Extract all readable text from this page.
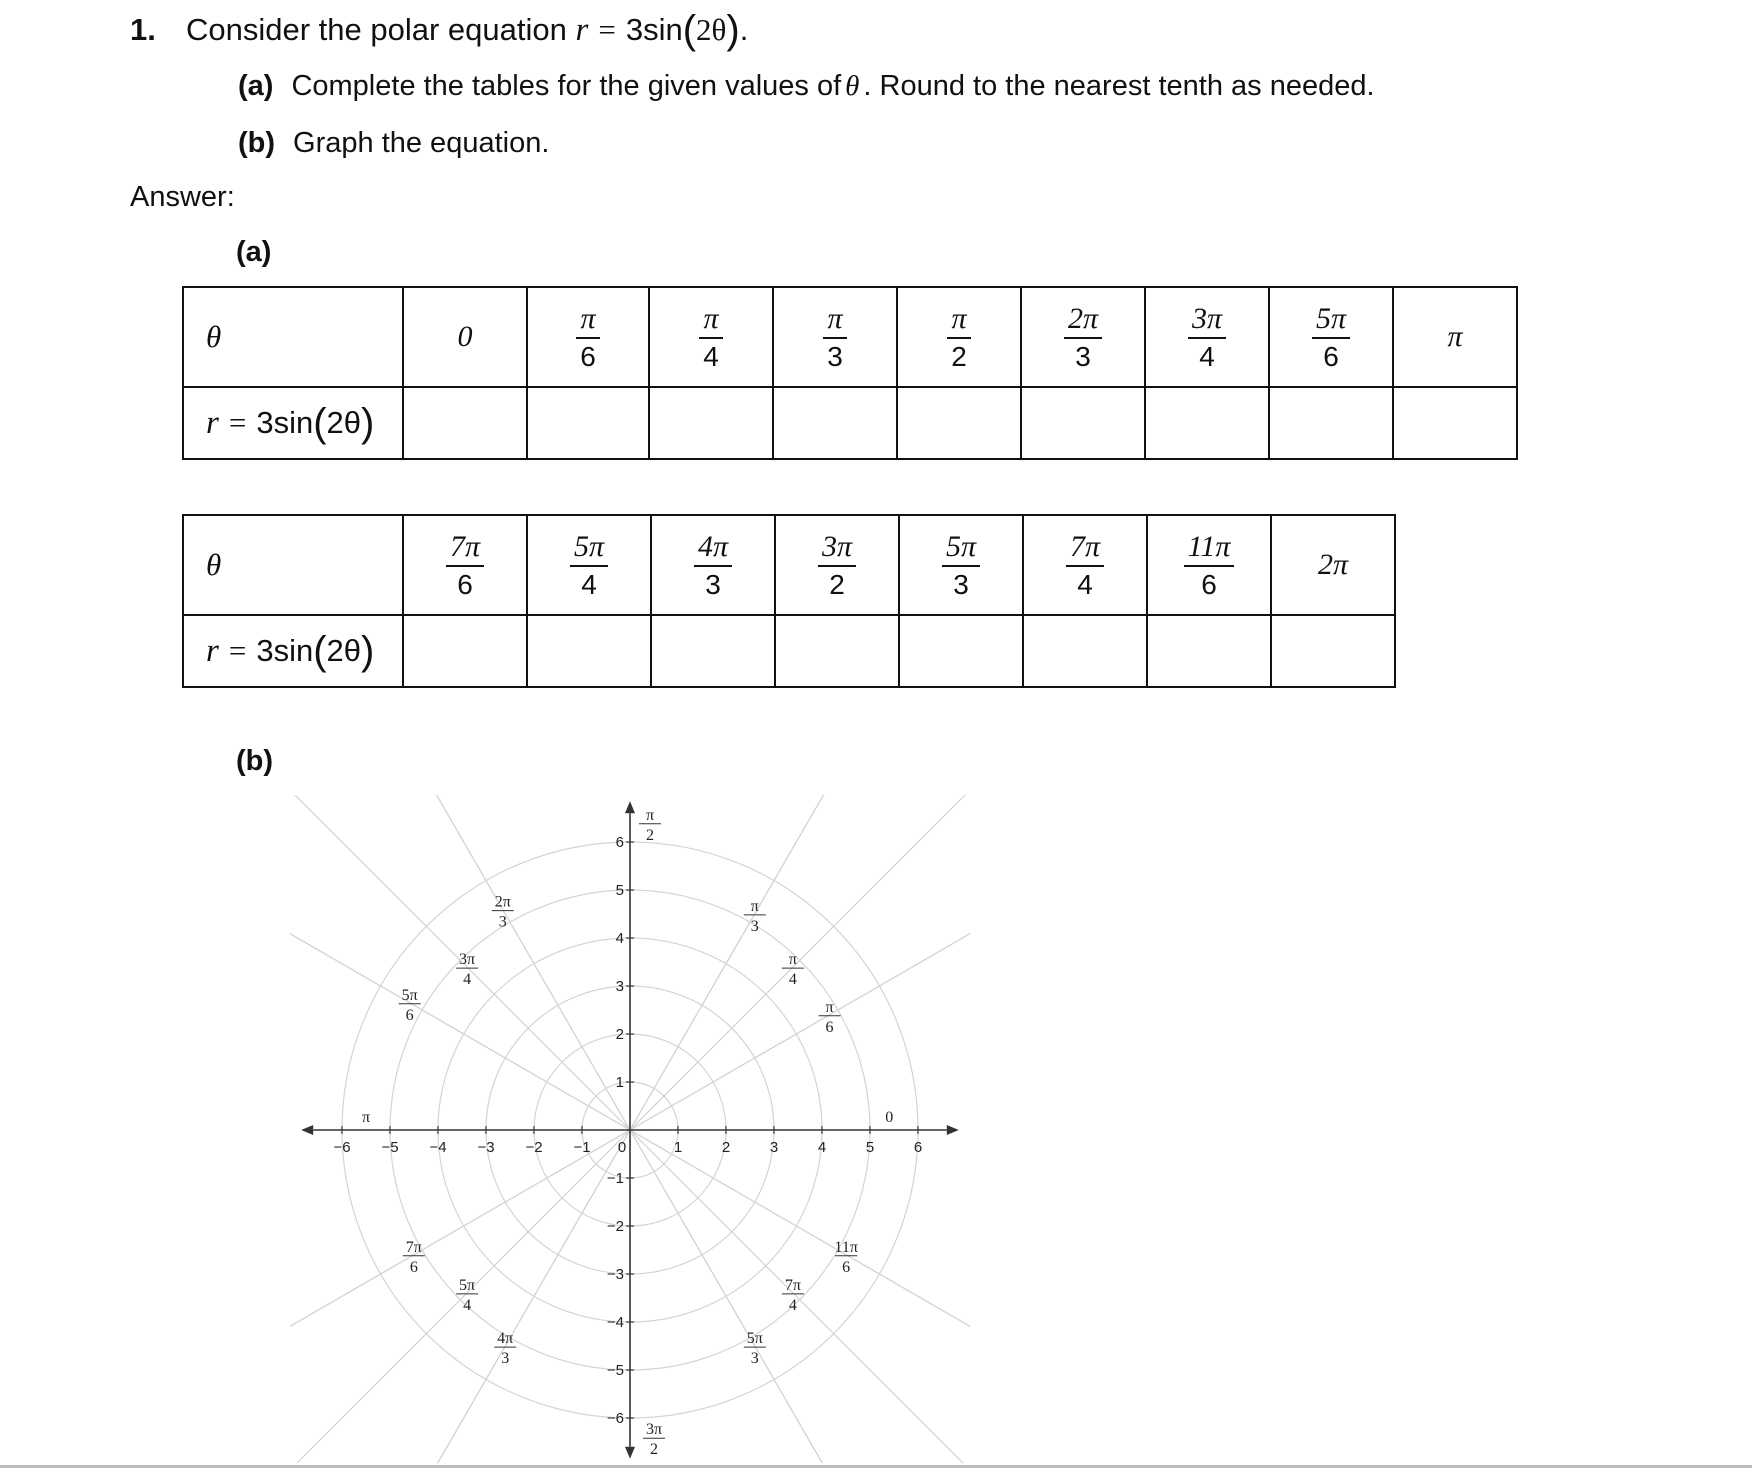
1. Consider the polar equation r = 3sin(2θ).
(a) Complete the tables for the given values of θ . Round to the nearest tenth as needed.
(b) Graph the equation.
Answer:
(a)
θ	0	$\frac{\pi}{6}$	$\frac{\pi}{4}$	$\frac{\pi}{3}$	$\frac{\pi}{2}$	$\frac{2\pi}{3}$	$\frac{3\pi}{4}$	$\frac{5\pi}{6}$	π
r = 3sin(2θ)									
θ	$\frac{7\pi}{6}$	$\frac{5\pi}{4}$	$\frac{4\pi}{3}$	$\frac{3\pi}{2}$	$\frac{5\pi}{3}$	$\frac{7\pi}{4}$	$\frac{11\pi}{6}$	2π
r = 3sin(2θ)								
(b)
−6 −5 −4 −3 −2 −1 0	1	2	3	4	5	6
1
2
3
4
5
6
−1
−2
−3
−4
−5
−6
π
2
π
3
π
4
π
6
0
11π
6
7π
4
5π
3
3π
2
4π
3
5π
4
7π
6
π
5π
6
3π
4
2π
3
